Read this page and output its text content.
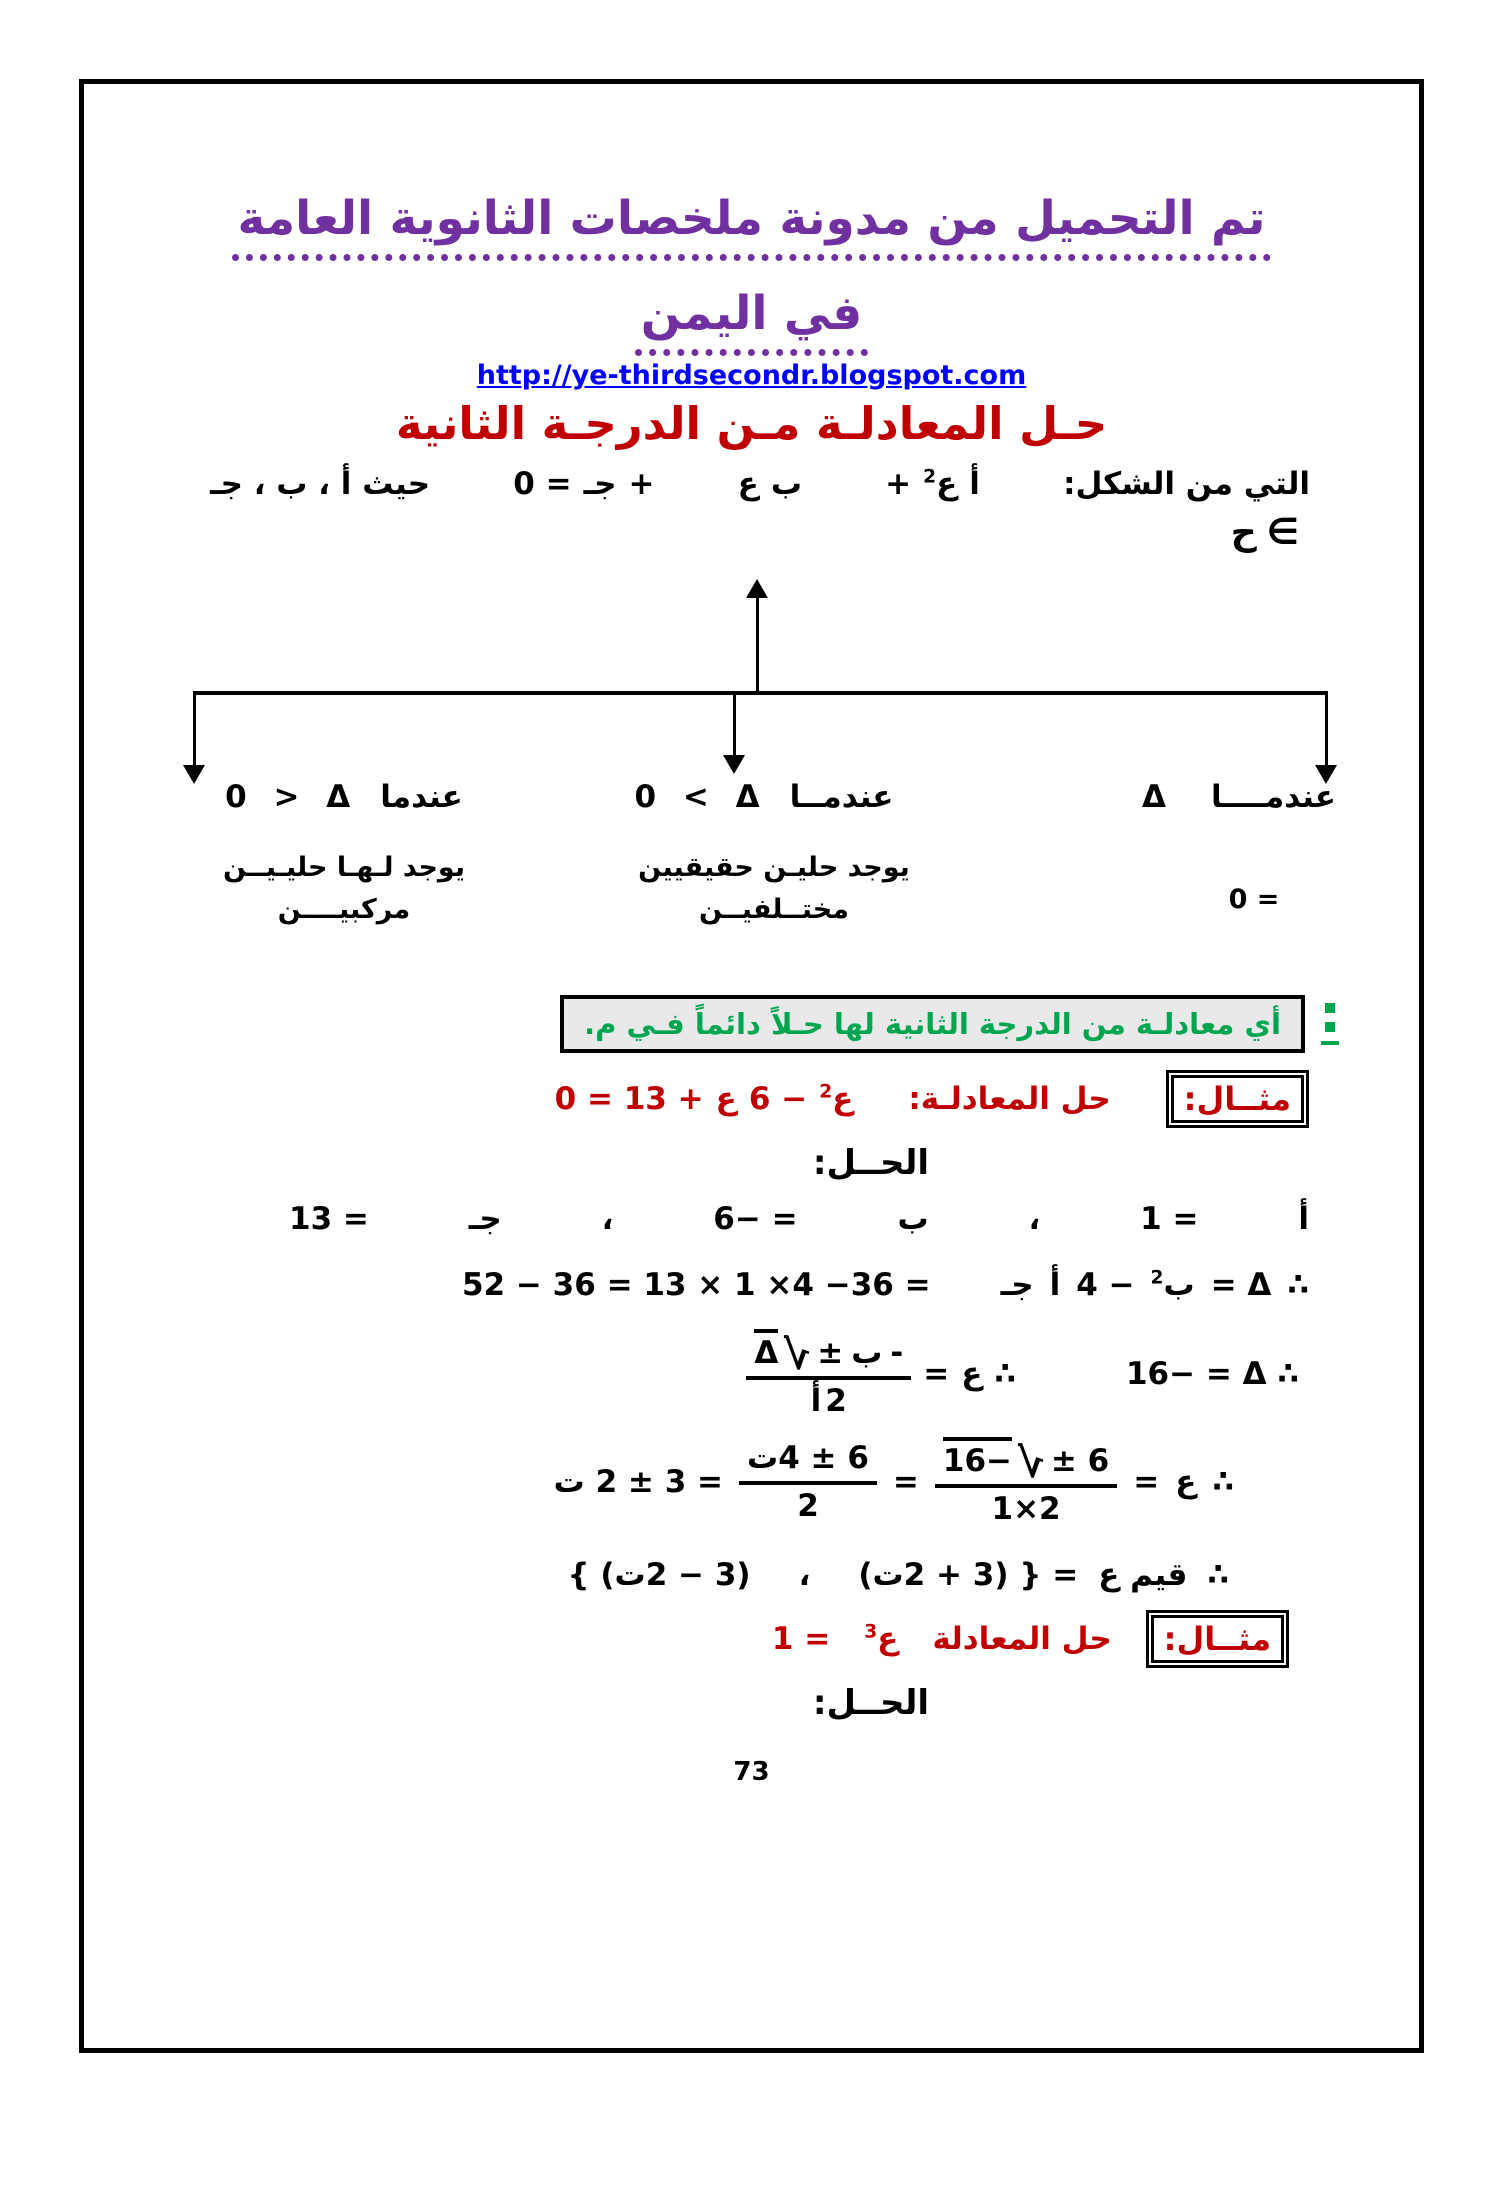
تم التحميل من مدونة ملخصات الثانوية العامة
في اليمن
http://ye-thirdsecondr.blogspot.com
حـل المعادلـة مـن الدرجـة الثانية
حيث أ ، ب ، جـ	0 = جـ +	ع ب	+ $^2$ع أ	التي من الشكل:
ح ∈
0 > Δ عندما	0 < Δ عندمــا	Δ عندمــــا
يوجد لـهـا حليـيــن
مركبيــــن
يوجد حليـن حقيقيين
مختــلفيــن	0 =
أي معادلـة من الدرجة الثانية لها حـلاً دائماً فـي م.
0 = 13 + ع 6 − $^2$ع حل المعادلـة:	مثــال:
الحــل:
13 =	جـ	،	6− =	ب	،	1 =	أ
52 − 36 = 13 × 1 ×4 −36 = جـ أ 4 − $^2$ب = Δ ∴
$\frac{\text{Δ √ ± ب -}}{\text{أ 2}}$ = ع ∴	16− = Δ ∴
ت $2 \pm 3 = \frac{\text{ت4 ± 6}}{2} = \frac{16- √ \pm 6}{1\times 2}$ = ع ∴
{ (ت2 − 3) ، (ت2 + 3) } = قيم ع ∴
1 = $^3$ع حل المعادلة	مثــال:
الحــل:
73
